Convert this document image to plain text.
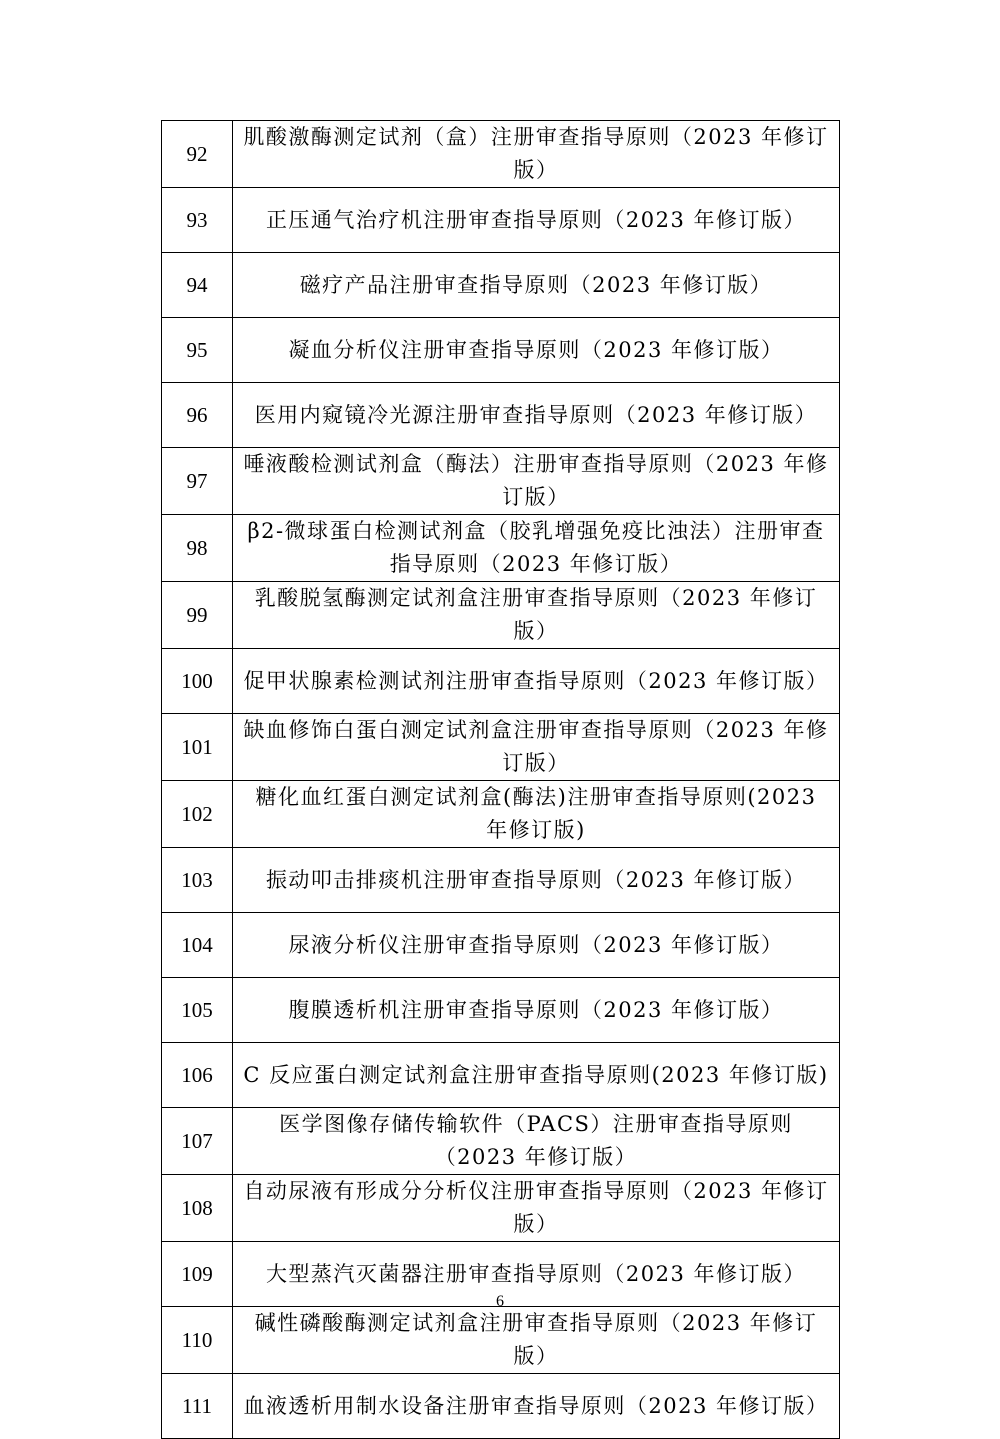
92	肌酸激酶测定试剂（盒）注册审查指导原则（2023 年修订版）
93	正压通气治疗机注册审查指导原则（2023 年修订版）
94	磁疗产品注册审查指导原则（2023 年修订版）
95	凝血分析仪注册审查指导原则（2023 年修订版）
96	医用内窥镜冷光源注册审查指导原则（2023 年修订版）
97	唾液酸检测试剂盒（酶法）注册审查指导原则（2023 年修订版）
98	β2-微球蛋白检测试剂盒（胶乳增强免疫比浊法）注册审查指导原则（2023 年修订版）
99	乳酸脱氢酶测定试剂盒注册审查指导原则（2023 年修订版）
100	促甲状腺素检测试剂注册审查指导原则（2023 年修订版）
101	缺血修饰白蛋白测定试剂盒注册审查指导原则（2023 年修订版）
102	糖化血红蛋白测定试剂盒(酶法)注册审查指导原则(2023 年修订版)
103	振动叩击排痰机注册审查指导原则（2023 年修订版）
104	尿液分析仪注册审查指导原则（2023 年修订版）
105	腹膜透析机注册审查指导原则（2023 年修订版）
106	C 反应蛋白测定试剂盒注册审查指导原则(2023 年修订版)
107	医学图像存储传输软件（PACS）注册审查指导原则（2023 年修订版）
108	自动尿液有形成分分析仪注册审查指导原则（2023 年修订版）
109	大型蒸汽灭菌器注册审查指导原则（2023 年修订版）
110	碱性磷酸酶测定试剂盒注册审查指导原则（2023 年修订版）
111	血液透析用制水设备注册审查指导原则（2023 年修订版）
6
